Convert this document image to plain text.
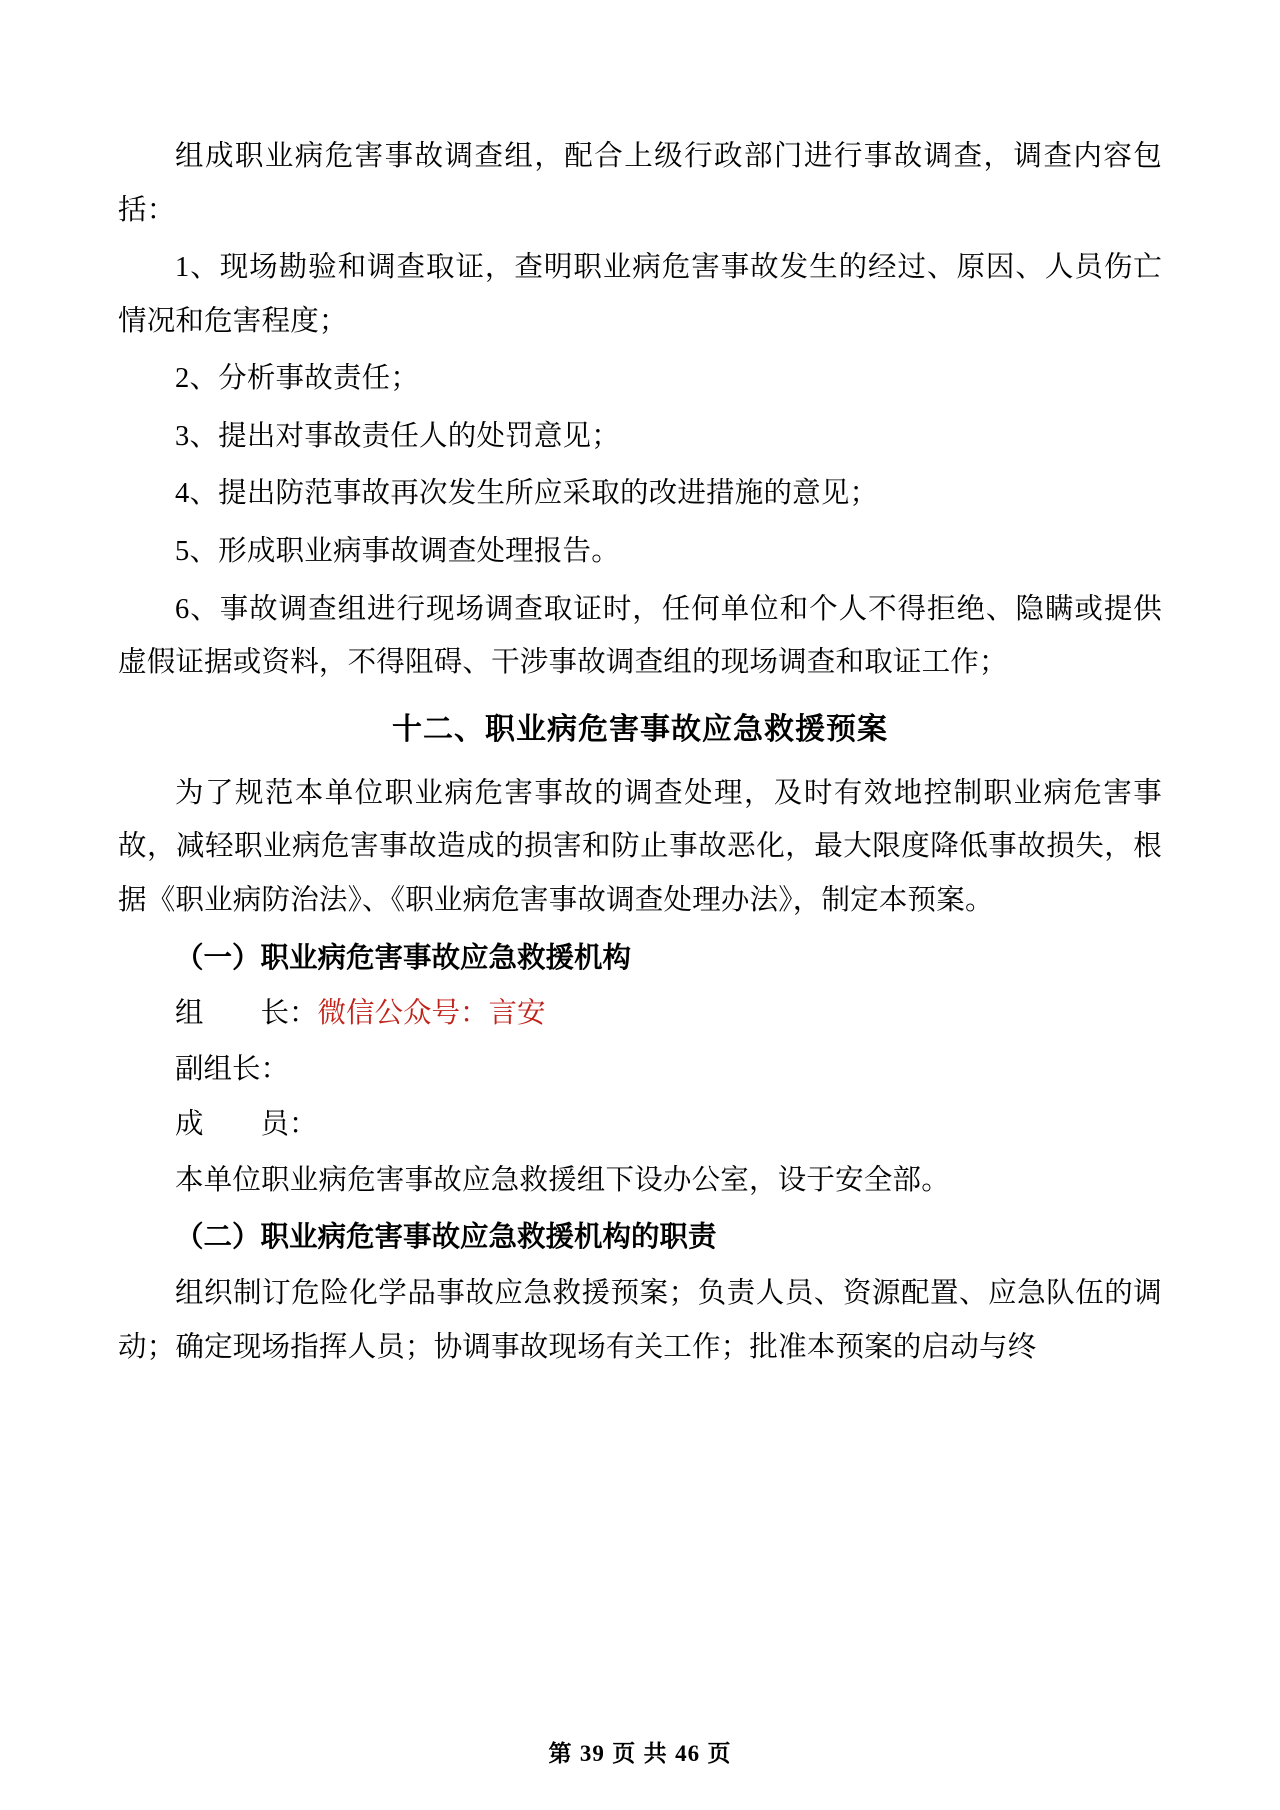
组成职业病危害事故调查组，配合上级行政部门进行事故调查，调查内容包括：

1、现场勘验和调查取证，查明职业病危害事故发生的经过、原因、人员伤亡情况和危害程度；

2、分析事故责任；

3、提出对事故责任人的处罚意见；

4、提出防范事故再次发生所应采取的改进措施的意见；

5、形成职业病事故调查处理报告。

6、事故调查组进行现场调查取证时，任何单位和个人不得拒绝、隐瞒或提供虚假证据或资料，不得阻碍、干涉事故调查组的现场调查和取证工作；

十二、职业病危害事故应急救援预案

为了规范本单位职业病危害事故的调查处理，及时有效地控制职业病危害事故，减轻职业病危害事故造成的损害和防止事故恶化，最大限度降低事故损失，根据《职业病防治法》、《职业病危害事故调查处理办法》，制定本预案。

（一）职业病危害事故应急救援机构

组　　长：微信公众号：言安

副组长：

成　　员：

本单位职业病危害事故应急救援组下设办公室，设于安全部。

（二）职业病危害事故应急救援机构的职责

组织制订危险化学品事故应急救援预案；负责人员、资源配置、应急队伍的调动；确定现场指挥人员；协调事故现场有关工作；批准本预案的启动与终

第 39 页 共 46 页
